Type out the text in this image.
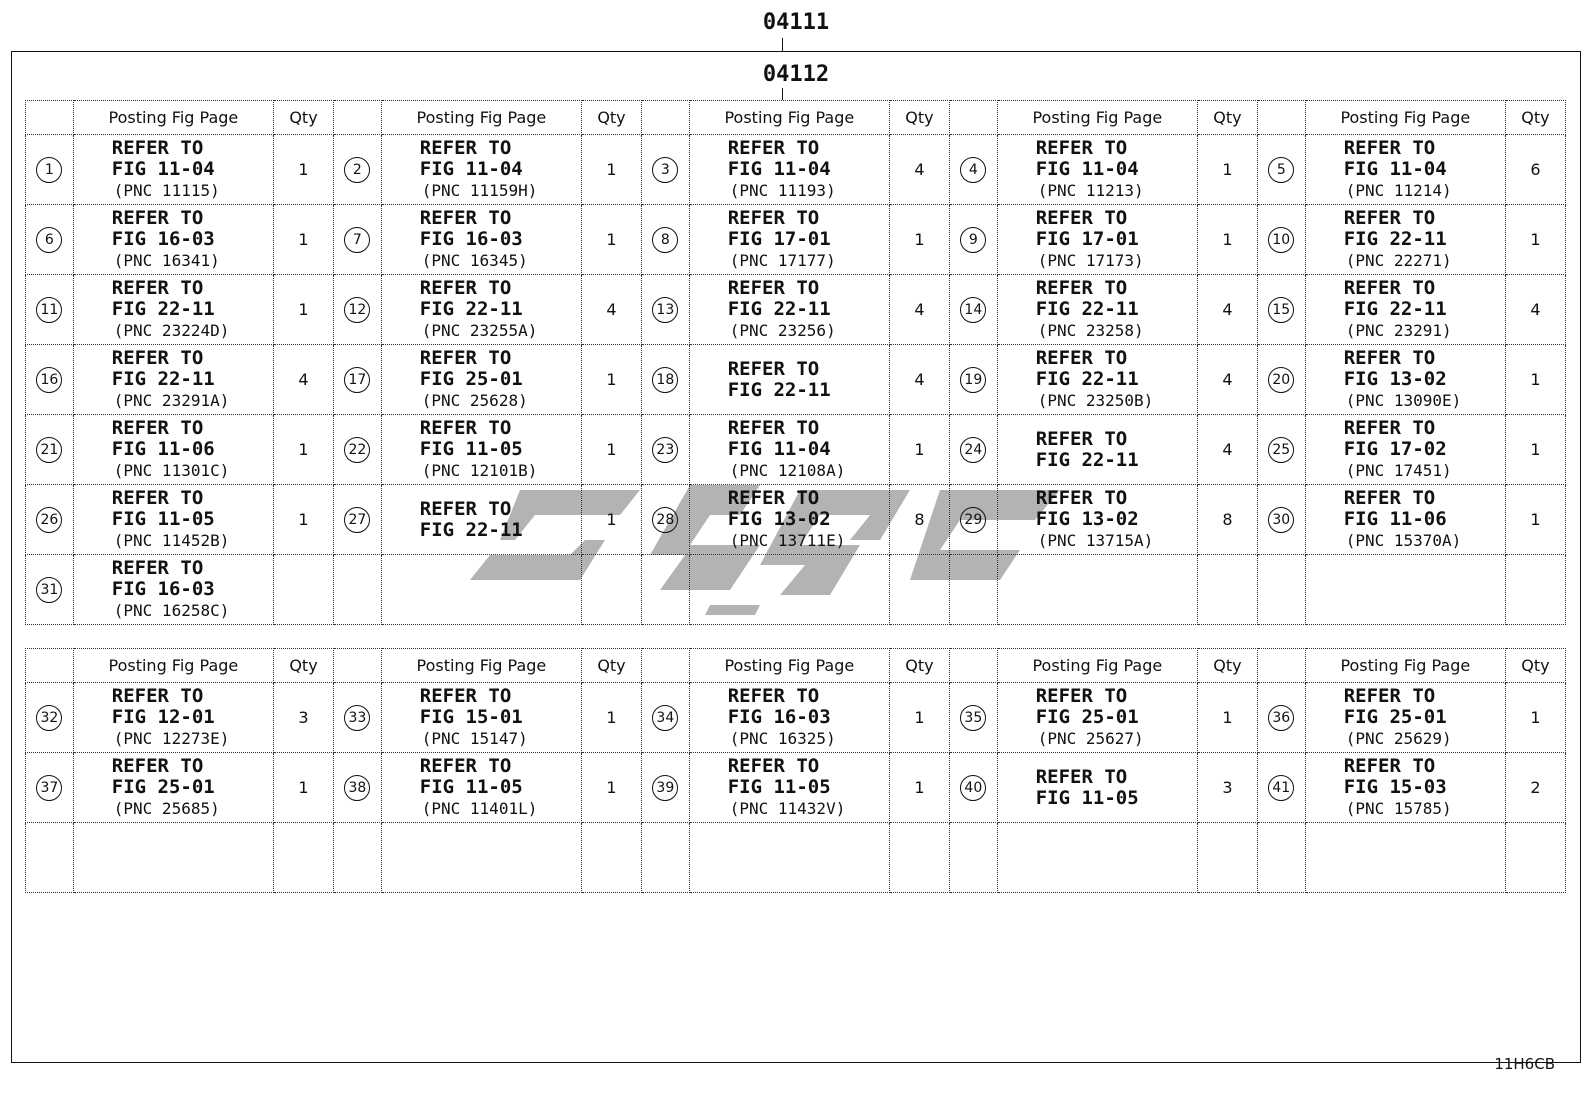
04111
04112
	Posting Fig Page	Qty		Posting Fig Page	Qty		Posting Fig Page	Qty		Posting Fig Page	Qty		Posting Fig Page	Qty
1	REFER TO
FIG 11-04
(PNC 11115)	1	2	REFER TO
FIG 11-04
(PNC 11159H)	1	3	REFER TO
FIG 11-04
(PNC 11193)	4	4	REFER TO
FIG 11-04
(PNC 11213)	1	5	REFER TO
FIG 11-04
(PNC 11214)	6
6	REFER TO
FIG 16-03
(PNC 16341)	1	7	REFER TO
FIG 16-03
(PNC 16345)	1	8	REFER TO
FIG 17-01
(PNC 17177)	1	9	REFER TO
FIG 17-01
(PNC 17173)	1	10	REFER TO
FIG 22-11
(PNC 22271)	1
11	REFER TO
FIG 22-11
(PNC 23224D)	1	12	REFER TO
FIG 22-11
(PNC 23255A)	4	13	REFER TO
FIG 22-11
(PNC 23256)	4	14	REFER TO
FIG 22-11
(PNC 23258)	4	15	REFER TO
FIG 22-11
(PNC 23291)	4
16	REFER TO
FIG 22-11
(PNC 23291A)	4	17	REFER TO
FIG 25-01
(PNC 25628)	1	18	REFER TO
FIG 22-11	4	19	REFER TO
FIG 22-11
(PNC 23250B)	4	20	REFER TO
FIG 13-02
(PNC 13090E)	1
21	REFER TO
FIG 11-06
(PNC 11301C)	1	22	REFER TO
FIG 11-05
(PNC 12101B)	1	23	REFER TO
FIG 11-04
(PNC 12108A)	1	24	REFER TO
FIG 22-11	4	25	REFER TO
FIG 17-02
(PNC 17451)	1
26	REFER TO
FIG 11-05
(PNC 11452B)	1	27	REFER TO
FIG 22-11	1	28	REFER TO
FIG 13-02
(PNC 13711E)	8	29	REFER TO
FIG 13-02
(PNC 13715A)	8	30	REFER TO
FIG 11-06
(PNC 15370A)	1
31	REFER TO
FIG 16-03
(PNC 16258C)													

	Posting Fig Page	Qty		Posting Fig Page	Qty		Posting Fig Page	Qty		Posting Fig Page	Qty		Posting Fig Page	Qty
32	REFER TO
FIG 12-01
(PNC 12273E)	3	33	REFER TO
FIG 15-01
(PNC 15147)	1	34	REFER TO
FIG 16-03
(PNC 16325)	1	35	REFER TO
FIG 25-01
(PNC 25627)	1	36	REFER TO
FIG 25-01
(PNC 25629)	1
37	REFER TO
FIG 25-01
(PNC 25685)	1	38	REFER TO
FIG 11-05
(PNC 11401L)	1	39	REFER TO
FIG 11-05
(PNC 11432V)	1	40	REFER TO
FIG 11-05	3	41	REFER TO
FIG 15-03
(PNC 15785)	2

11H6CB
